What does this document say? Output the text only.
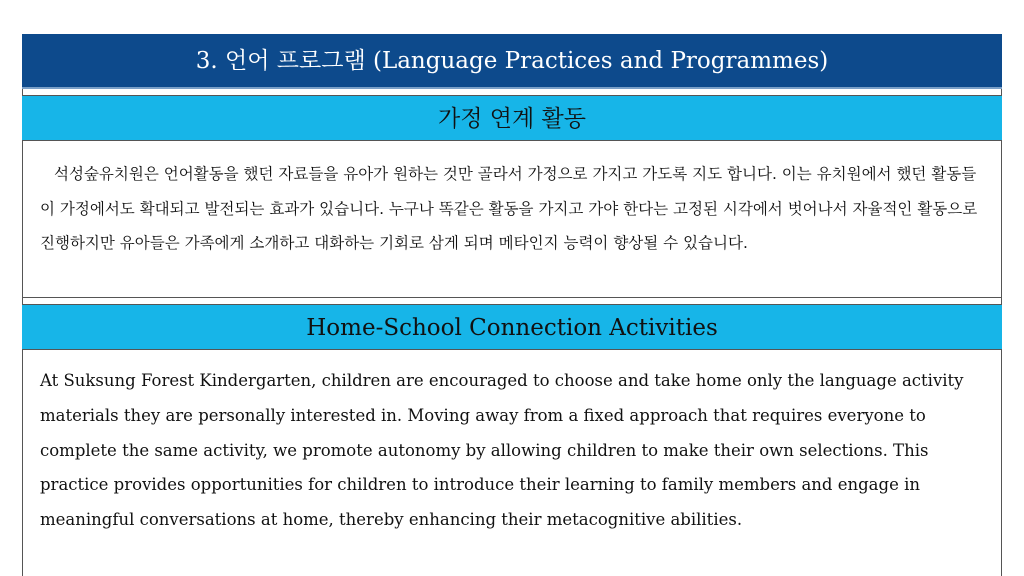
3. 언어 프로그램 (Language Practices and Programmes)
가정 연계 활동
석성숲유치원은 언어활동을 했던 자료들을 유아가 원하는 것만 골라서 가정으로 가지고 가도록 지도 합니다. 이는 유치원에서 했던 활동들이 가정에서도 확대되고 발전되는 효과가 있습니다. 누구나 똑같은 활동을 가지고 가야 한다는 고정된 시각에서 벗어나서 자율적인 활동으로 진행하지만 유아들은 가족에게 소개하고 대화하는 기회로 삼게 되며 메타인지 능력이 향상될 수 있습니다.
Home-School Connection Activities
At Suksung Forest Kindergarten, children are encouraged to choose and take home only the language activity materials they are personally interested in. Moving away from a fixed approach that requires everyone to complete the same activity, we promote autonomy by allowing children to make their own selections. This practice provides opportunities for children to introduce their learning to family members and engage in meaningful conversations at home, thereby enhancing their metacognitive abilities.
